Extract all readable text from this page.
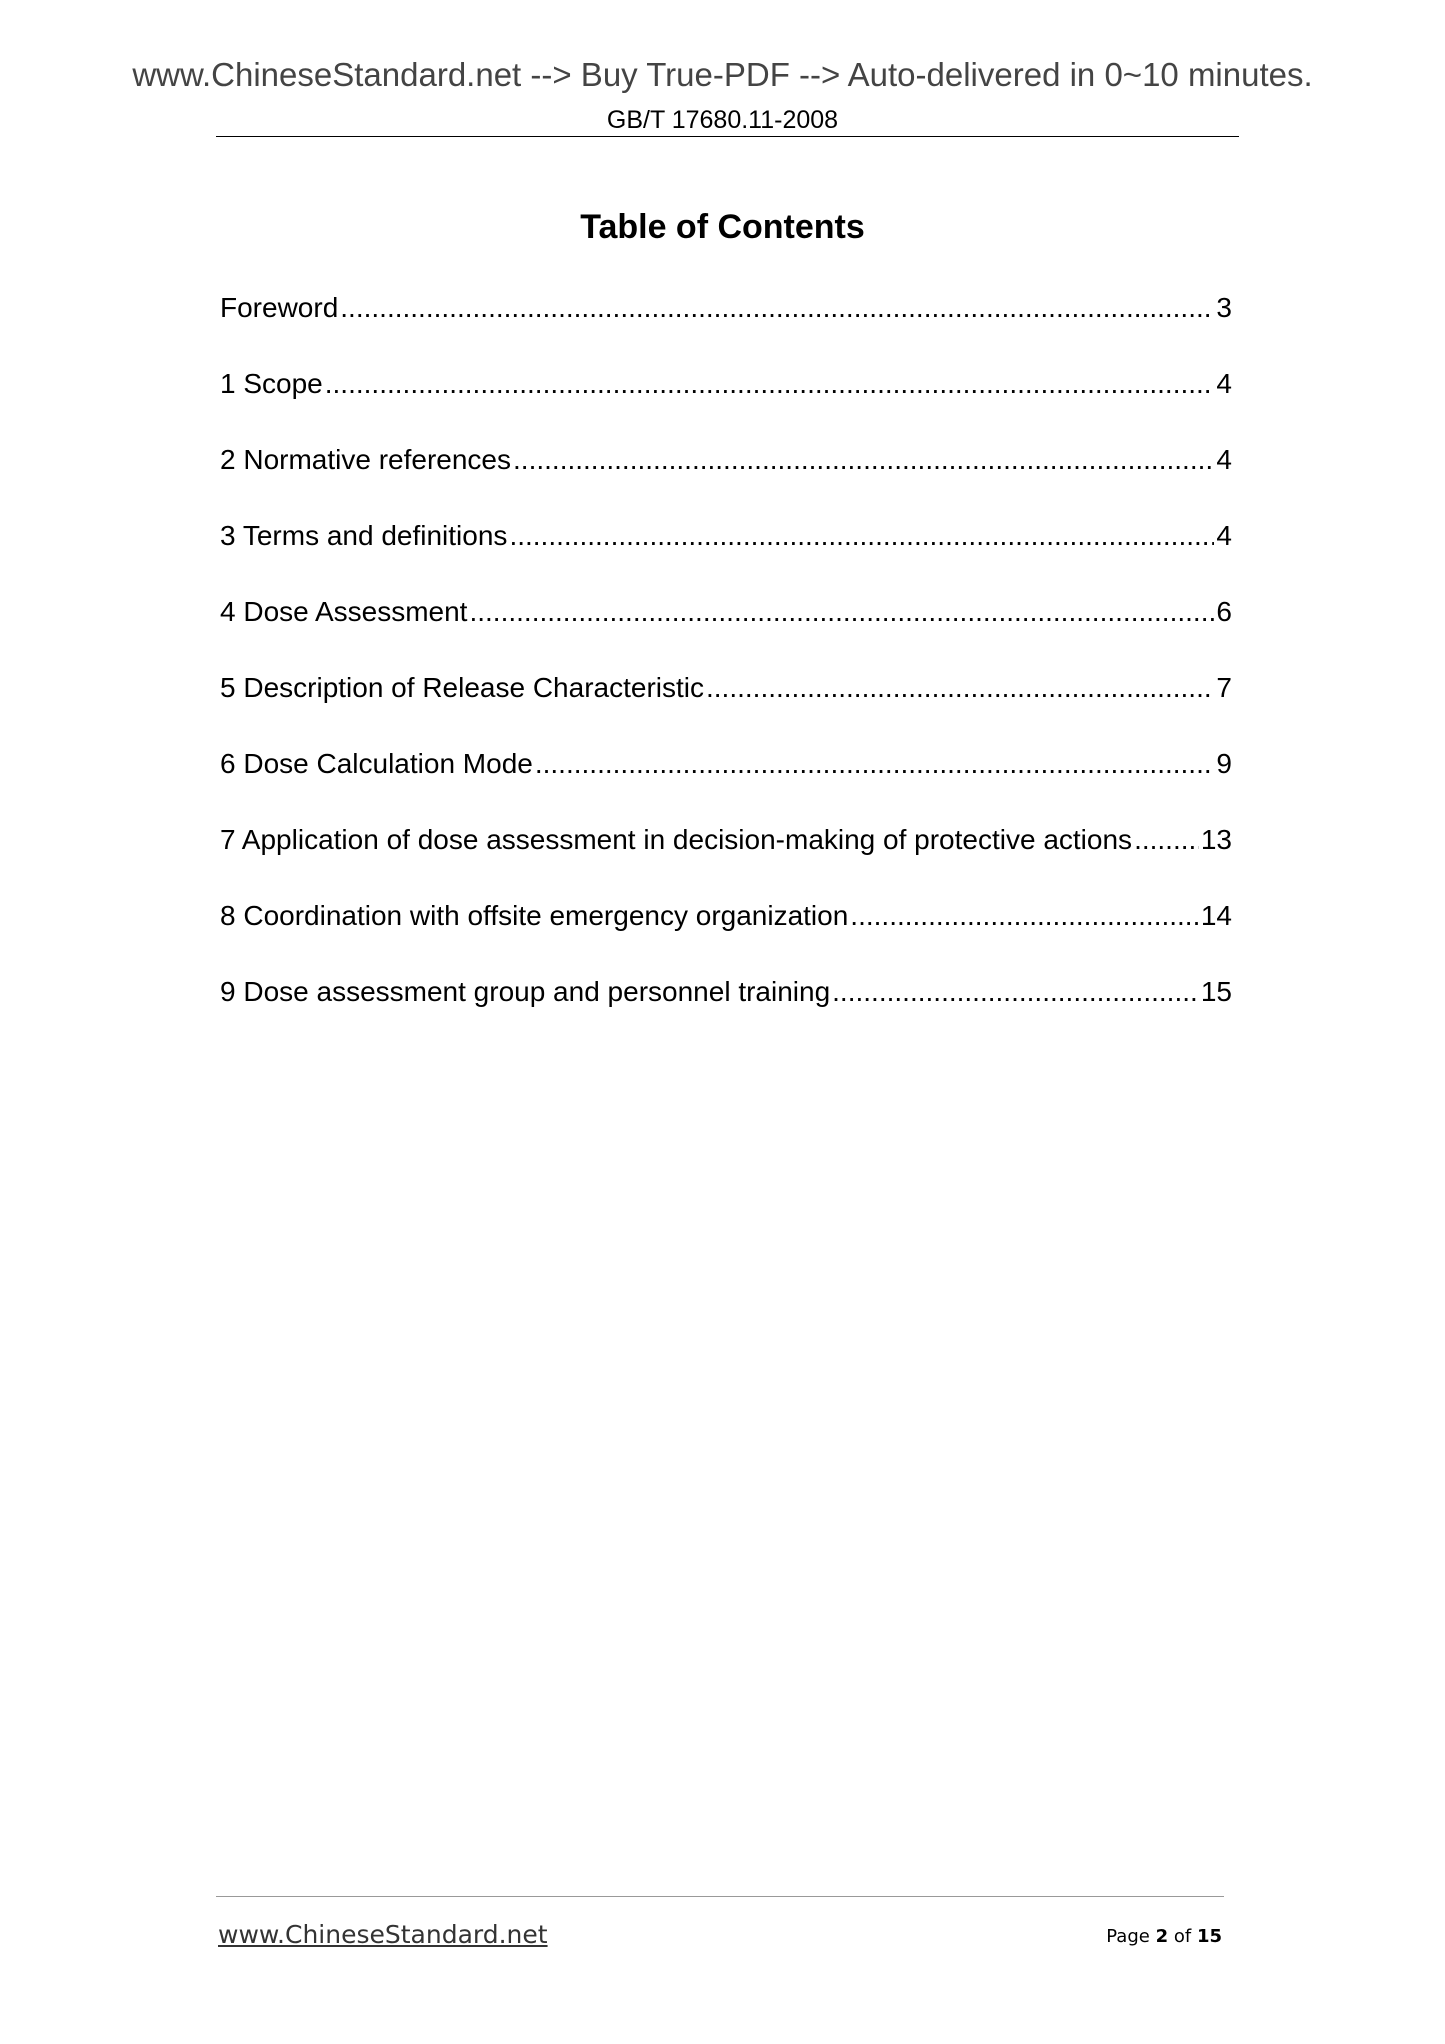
www.ChineseStandard.net --> Buy True-PDF --> Auto-delivered in 0~10 minutes.
GB/T 17680.11-2008
Table of Contents
Foreword .....	3
1 Scope .....	4
2 Normative references .....	4
3 Terms and definitions .....	4
4 Dose Assessment .....	6
5 Description of Release Characteristic .....	7
6 Dose Calculation Mode .....	9
7 Application of dose assessment in decision-making of protective actions ..... 13
8 Coordination with offsite emergency organization .....	14
9 Dose assessment group and personnel training .....	15
www.ChineseStandard.net	Page 2 of 15
